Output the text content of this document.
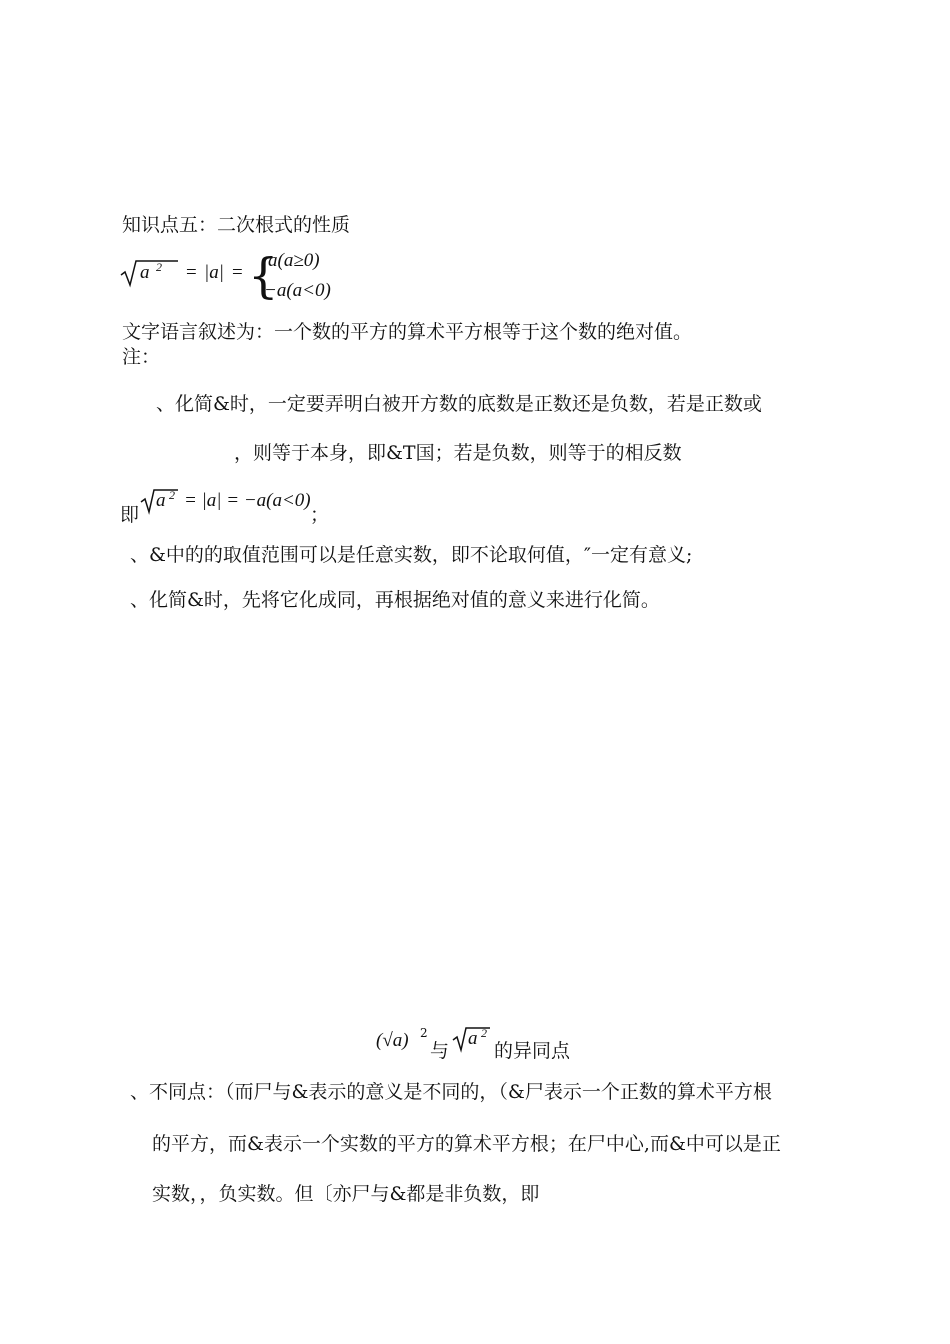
知识点五：二次根式的性质
a 2 = |a| = {
a(a≥0)
−a(a<0)
文字语言叙述为：一个数的平方的算术平方根等于这个数的绝对值。
注：
、化简&时，一定要弄明白被开方数的底数是正数还是负数，若是正数或
，则等于本身，即&T国；若是负数，则等于的相反数
即
a 2 = |a| = −a(a<0)
；
、&中的的取值范围可以是任意实数，即不论取何值，″一定有意义;
、化简&时，先将它化成同，再根据绝对值的意义来进行化简。
(√a) 2
与
a 2
的异同点
、不同点：（而尸与&表示的意义是不同的，（&尸表示一个正数的算术平方根
的平方，而&表示一个实数的平方的算术平方根；在尸中心,而&中可以是正
实数，，负实数。但〔亦尸与&都是非负数，即
